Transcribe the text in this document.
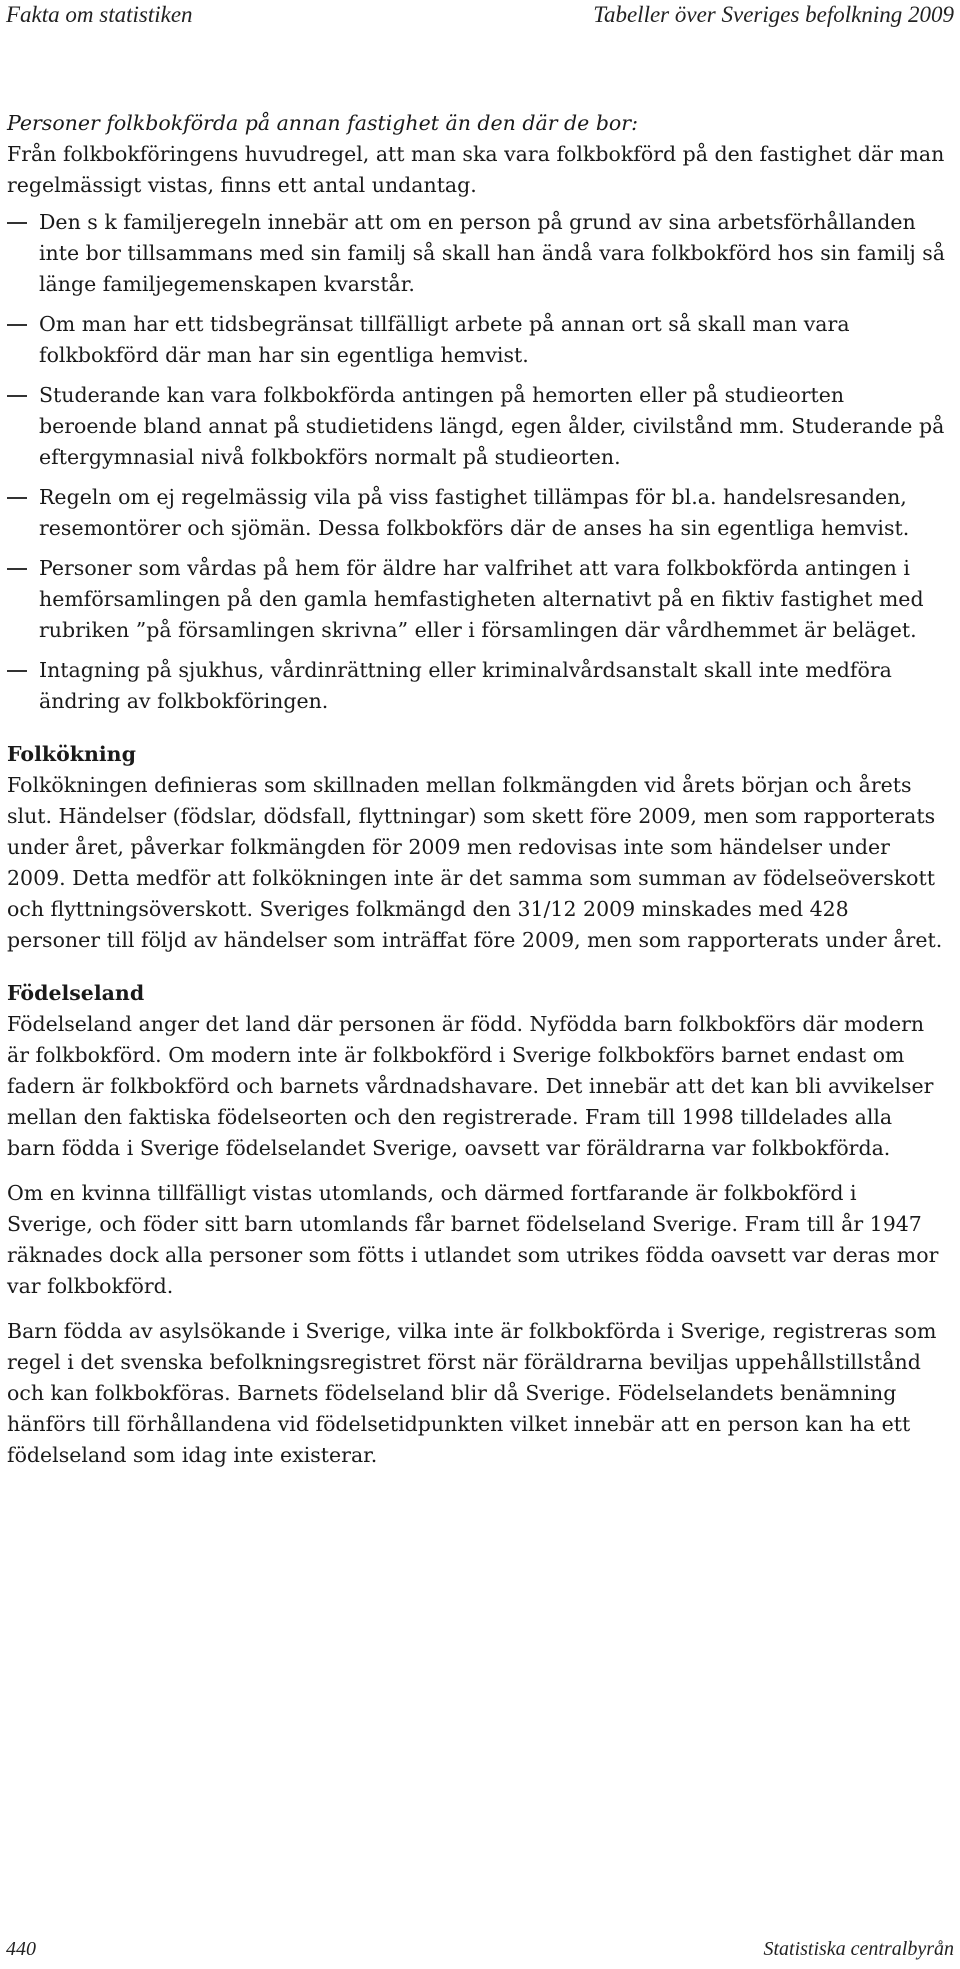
Fakta om statistiken	Tabeller över Sveriges befolkning 2009

Personer folkbokförda på annan fastighet än den där de bor:

Från folkbokföringens huvudregel, att man ska vara folkbokförd på den fastighet där man regelmässigt vistas, finns ett antal undantag.

Den s k familjeregeln innebär att om en person på grund av sina arbetsförhållanden inte bor tillsammans med sin familj så skall han ändå vara folkbokförd hos sin familj så länge familjegemenskapen kvarstår.
Om man har ett tidsbegränsat tillfälligt arbete på annan ort så skall man vara folkbokförd där man har sin egentliga hemvist.
Studerande kan vara folkbokförda antingen på hemorten eller på studieorten beroende bland annat på studietidens längd, egen ålder, civilstånd mm. Studerande på eftergymnasial nivå folkbokförs normalt på studieorten.
Regeln om ej regelmässig vila på viss fastighet tillämpas för bl.a. handelsresanden, resemontörer och sjömän. Dessa folkbokförs där de anses ha sin egentliga hemvist.
Personer som vårdas på hem för äldre har valfrihet att vara folkbokförda antingen i hemförsamlingen på den gamla hemfastigheten alternativt på en fiktiv fastighet med rubriken ”på församlingen skrivna” eller i församlingen där vårdhemmet är beläget.
Intagning på sjukhus, vårdinrättning eller kriminalvårdsanstalt skall inte medföra ändring av folkbokföringen.
Folkökning

Folkökningen definieras som skillnaden mellan folkmängden vid årets början och årets slut. Händelser (födslar, dödsfall, flyttningar) som skett före 2009, men som rapporterats under året, påverkar folkmängden för 2009 men redovisas inte som händelser under 2009. Detta medför att folkökningen inte är det samma som summan av födelseöverskott och flyttningsöverskott. Sveriges folkmängd den 31/12 2009 minskades med 428 personer till följd av händelser som inträffat före 2009, men som rapporterats under året.

Födelseland

Födelseland anger det land där personen är född. Nyfödda barn folkbokförs där modern är folkbokförd. Om modern inte är folkbokförd i Sverige folkbokförs barnet endast om fadern är folkbokförd och barnets vårdnadshavare. Det innebär att det kan bli avvikelser mellan den faktiska födelseorten och den registrerade. Fram till 1998 tilldelades alla barn födda i Sverige födelselandet Sverige, oavsett var föräldrarna var folkbokförda.

Om en kvinna tillfälligt vistas utomlands, och därmed fortfarande är folkbokförd i Sverige, och föder sitt barn utomlands får barnet födelseland Sverige. Fram till år 1947 räknades dock alla personer som fötts i utlandet som utrikes födda oavsett var deras mor var folkbokförd.

Barn födda av asylsökande i Sverige, vilka inte är folkbokförda i Sverige, registreras som regel i det svenska befolkningsregistret först när föräldrarna beviljas uppehållstillstånd och kan folkbokföras. Barnets födelseland blir då Sverige. Födelselandets benämning hänförs till förhållandena vid födelsetidpunkten vilket innebär att en person kan ha ett födelseland som idag inte existerar.

440	Statistiska centralbyrån
